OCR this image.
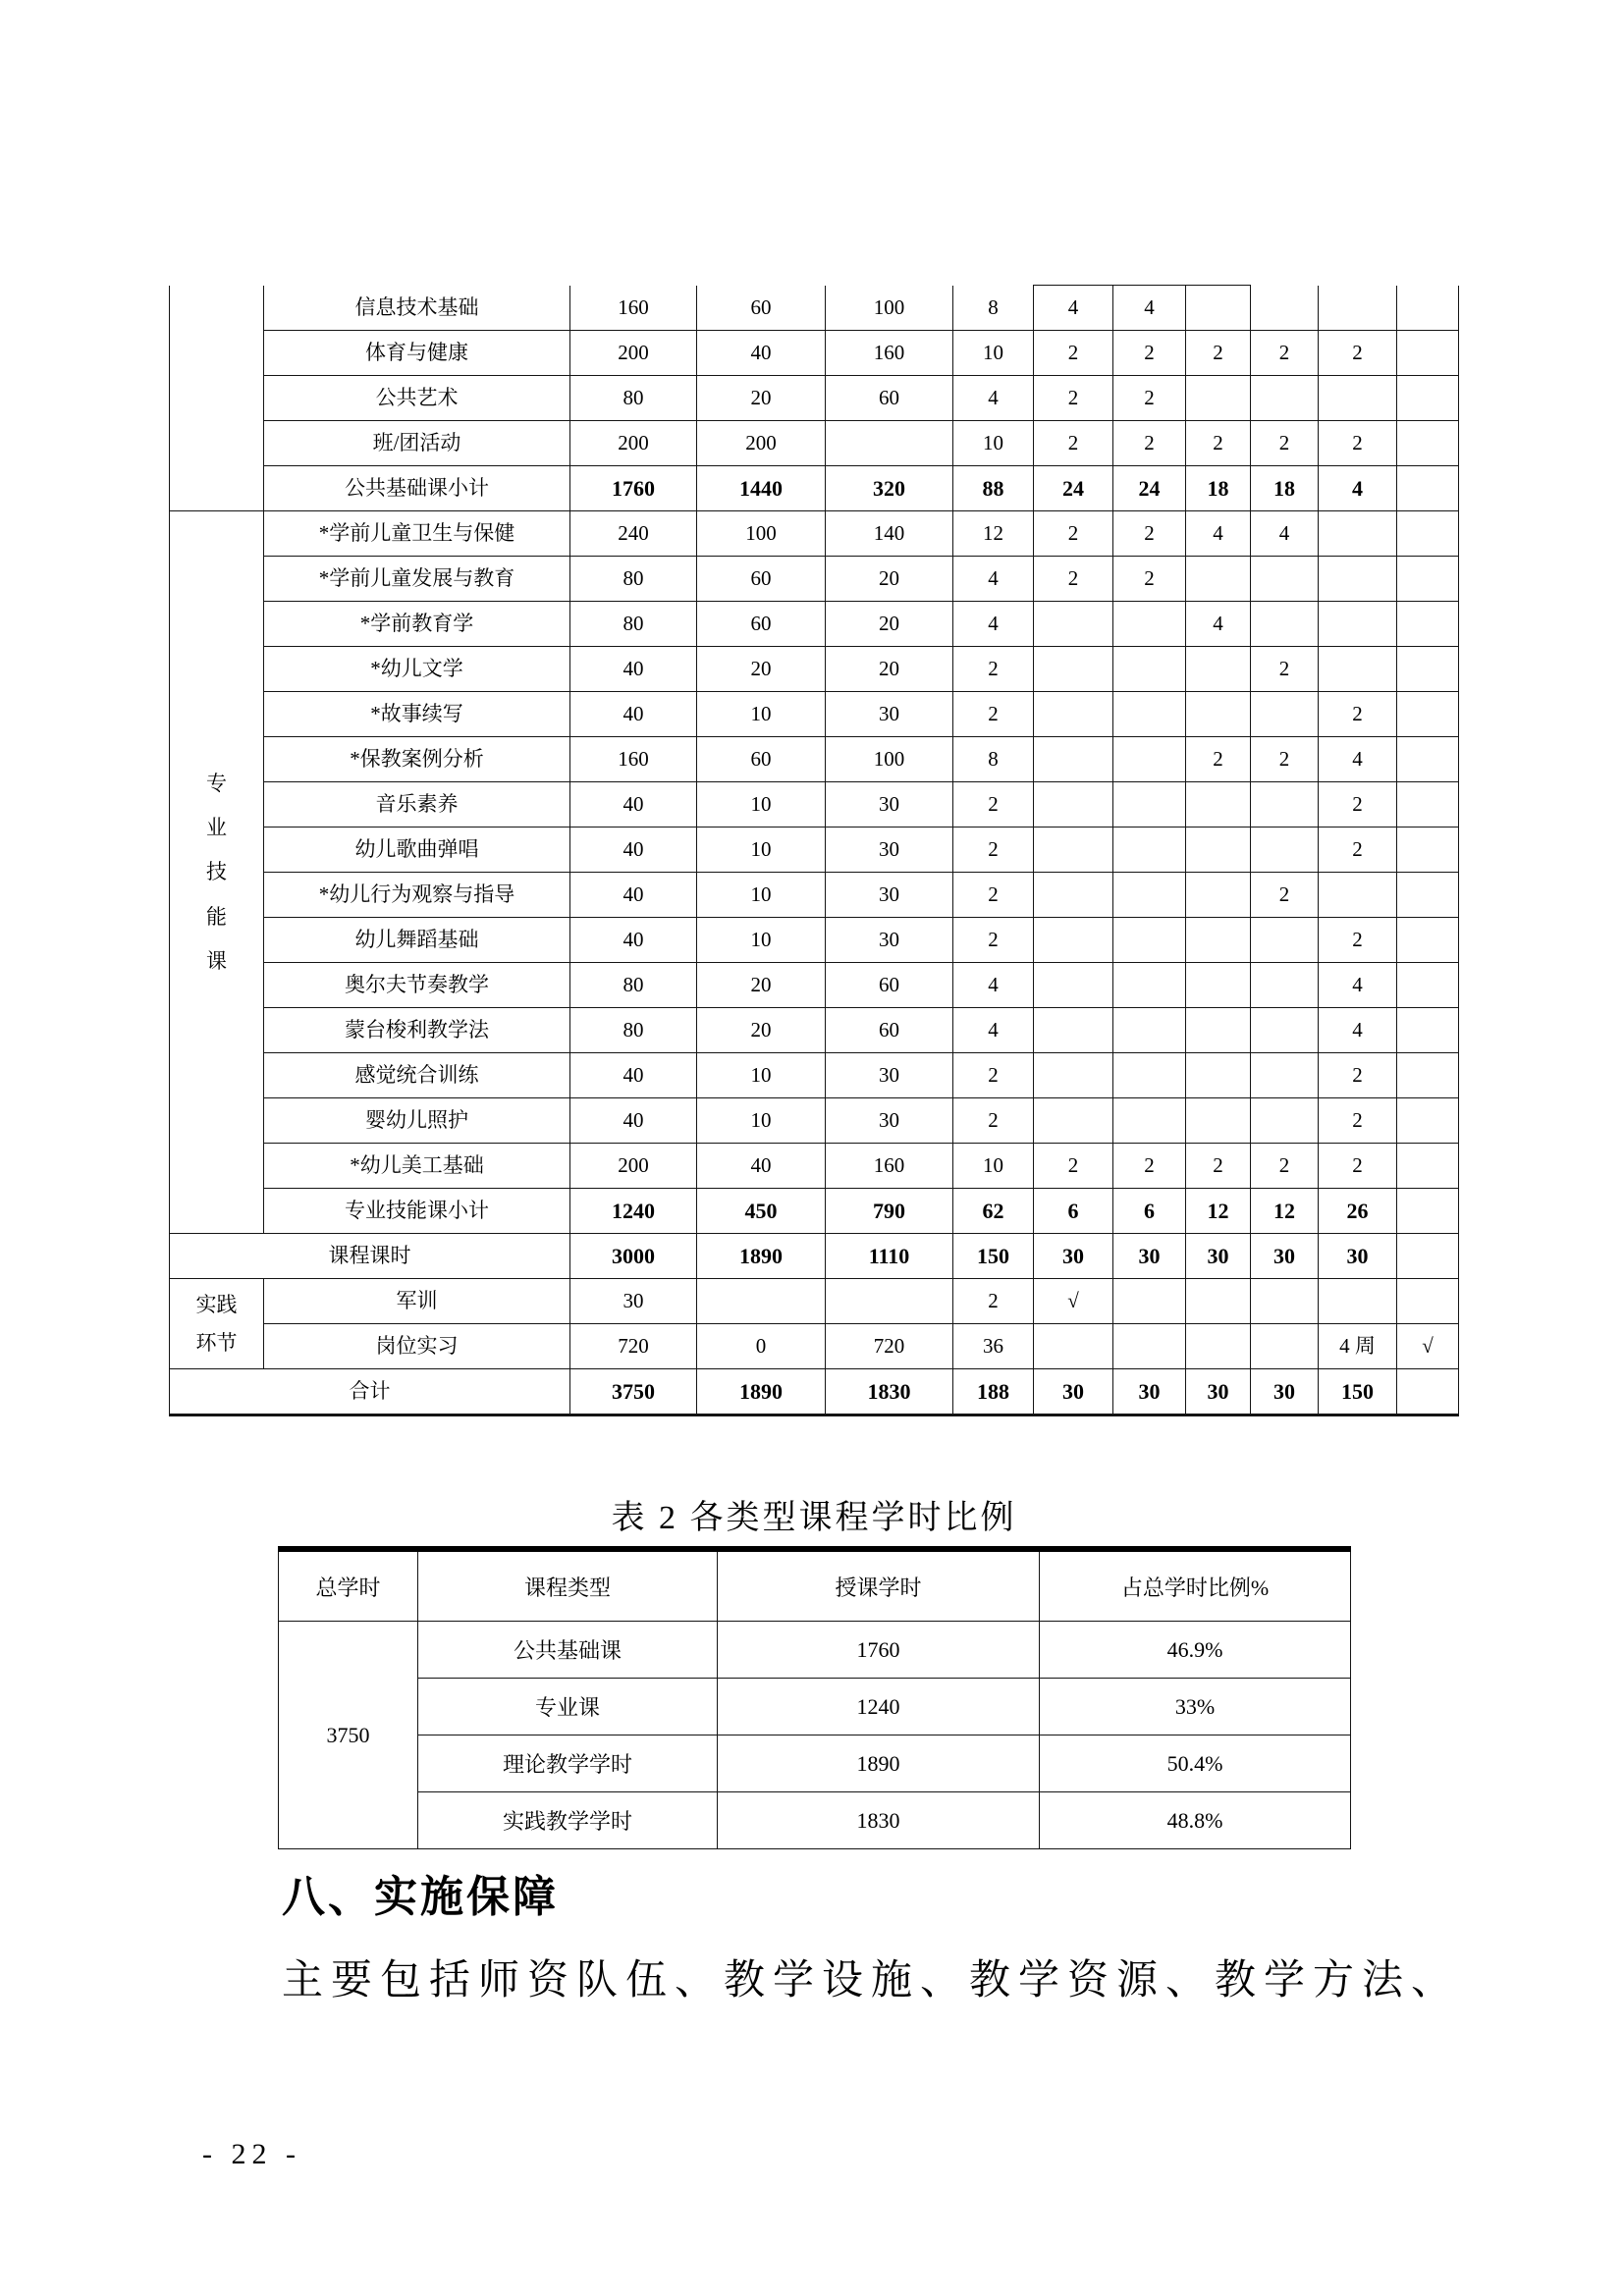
	信息技术基础	160	60	100	8	4	4				
	体育与健康	200	40	160	10	2	2	2	2	2	
	公共艺术	80	20	60	4	2	2				
	班/团活动	200	200		10	2	2	2	2	2	
	公共基础课小计	1760	1440	320	88	24	24	18	18	4	

专
业
技
能
课	*学前儿童卫生与保健	240	100	140	12	2	2	4	4		
	*学前儿童发展与教育	80	60	20	4	2	2				
	*学前教育学	80	60	20	4			4			
	*幼儿文学	40	20	20	2				2		
	*故事续写	40	10	30	2					2	
	*保教案例分析	160	60	100	8			2	2	4	
	音乐素养	40	10	30	2					2	
	幼儿歌曲弹唱	40	10	30	2					2	
	*幼儿行为观察与指导	40	10	30	2				2		
	幼儿舞蹈基础	40	10	30	2					2	
	奥尔夫节奏教学	80	20	60	4					4	
	蒙台梭利教学法	80	20	60	4					4	
	感觉统合训练	40	10	30	2					2	
	婴幼儿照护	40	10	30	2					2	
	*幼儿美工基础	200	40	160	10	2	2	2	2	2	
	专业技能课小计	1240	450	790	62	6	6	12	12	26	
课程课时		3000	1890	1110	150	30	30	30	30	30	

实践
环节	军训	30			2	√					
	岗位实习	720	0	720	36					4 周	√
合计		3750	1890	1830	188	30	30	30	30	150	
表 2 各类型课程学时比例
总学时	课程类型	授课学时	占总学时比例%
3750	公共基础课	1760	46.9%
	专业课	1240	33%
	理论教学学时	1890	50.4%
	实践教学学时	1830	48.8%
八、实施保障
主要包括师资队伍、教学设施、教学资源、教学方法、
- 22 -
